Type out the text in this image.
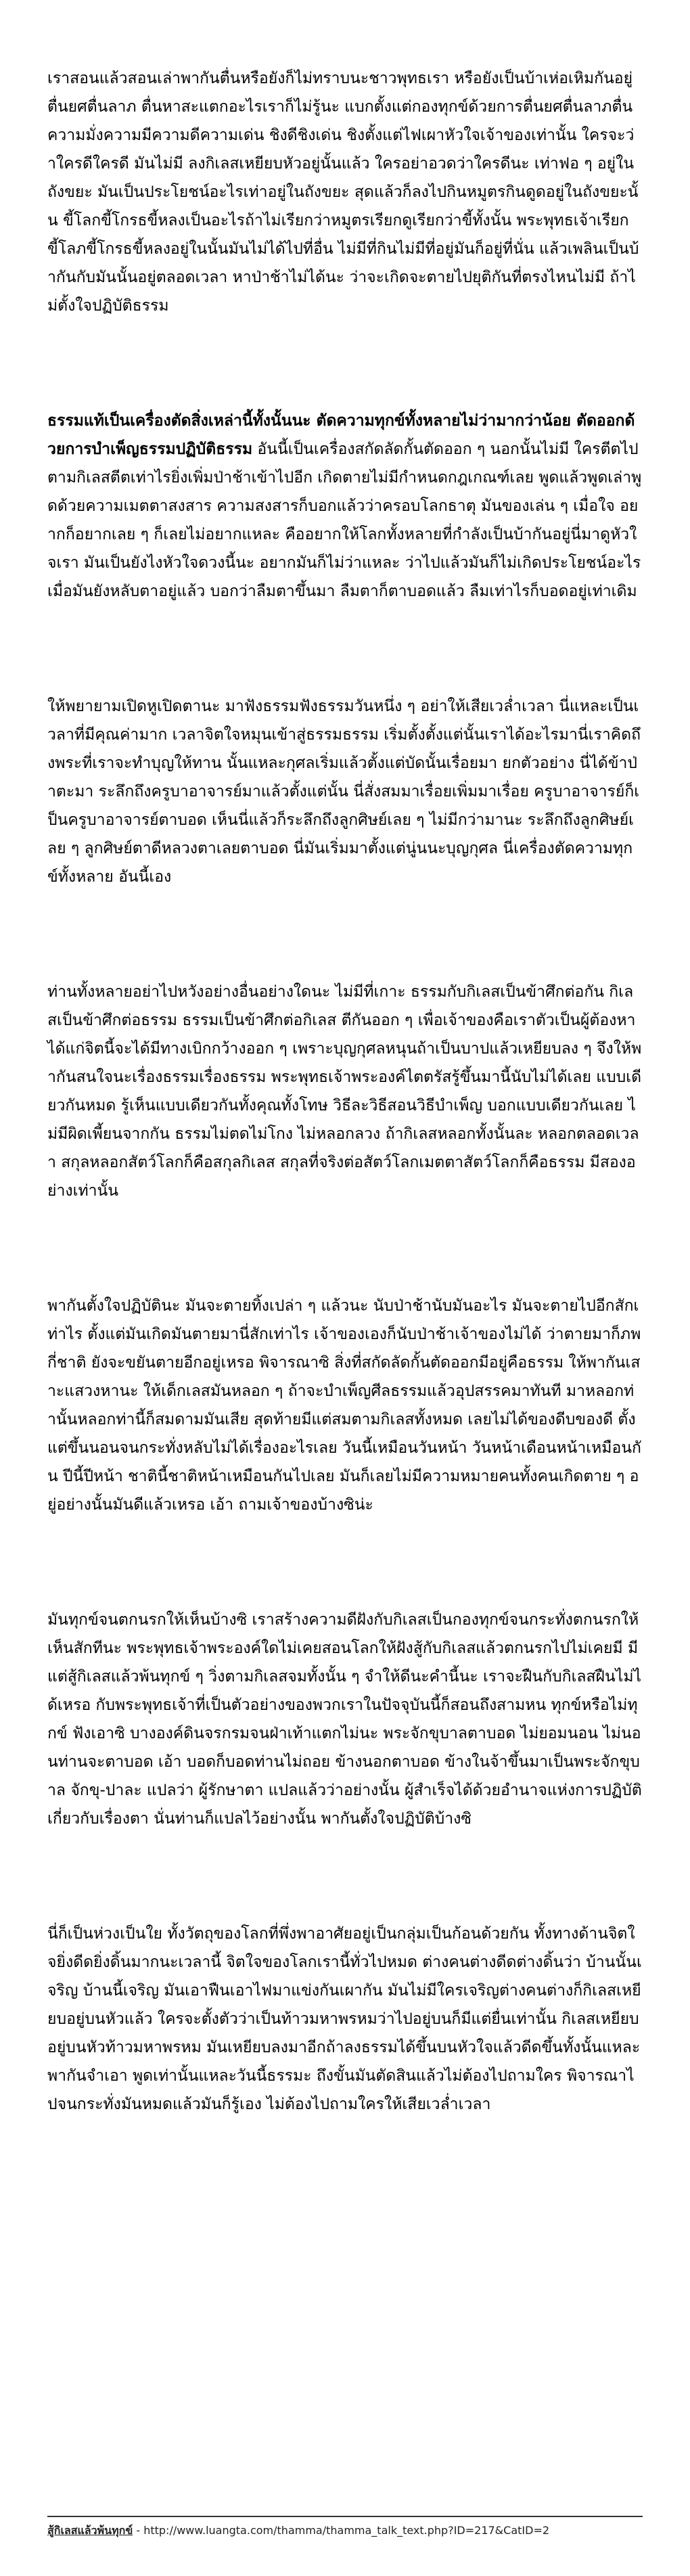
เราสอนแล้วสอนเล่าพากันตื่นหรือยังก็ไม่ทราบนะชาวพุทธเรา หรือยังเป็นบ้าเห่อเหิมกันอยู่ ตื่นยศตื่นลาภ ตื่นหาสะแตกอะไรเราก็ไม่รู้นะ แบกตั้งแต่กองทุกข์ด้วยการตื่นยศตื่นลาภตื่นความมั่งความมีความดีความเด่น ชิงดีชิงเด่น ชิงตั้งแต่ไฟเผาหัวใจเจ้าของเท่านั้น ใครจะว่าใครดีใครดี มันไม่มี ลงกิเลสเหยียบหัวอยู่นั้นแล้ว ใครอย่าอวดว่าใครดีนะ เท่าฟอ ๆ อยู่ในถังขยะ มันเป็นประโยชน์อะไรเท่าอยู่ในถังขยะ สุดแล้วก็ลงไปกินหมูตรกินดูดอยู่ในถังขยะนั้น ขี้โลกขี้โกรธขี้หลงเป็นอะไรถ้าไม่เรียกว่าหมูตรเรียกดูเรียกว่าขี้ทั้งนั้น พระพุทธเจ้าเรียก ขี้โลภขี้โกรธขี้หลงอยู่ในนั้นมันไม่ได้ไปที่อื่น ไม่มีที่กินไม่มีที่อยู่มันก็อยู่ที่นั่น แล้วเพลินเป็นบ้ากันกับมันนั้นอยู่ตลอดเวลา หาป่าช้าไม่ได้นะ ว่าจะเกิดจะตายไปยุติกันที่ตรงไหนไม่มี ถ้าไม่ตั้งใจปฏิบัติธรรม

ธรรมแท้เป็นเครื่องตัดสิ่งเหล่านี้ทั้งนั้นนะ ตัดความทุกข์ทั้งหลายไม่ว่ามากว่าน้อย ตัดออกด้วยการบำเพ็ญธรรมปฏิบัติธรรม อันนี้เป็นเครื่องสกัดลัดกั้นตัดออก ๆ นอกนั้นไม่มี ใครตีตไปตามกิเลสตีตเท่าไรยิ่งเพิ่มป่าช้าเข้าไปอีก เกิดตายไม่มีกำหนดกฎเกณฑ์เลย พูดแล้วพูดเล่าพูดด้วยความเมตตาสงสาร ความสงสารก็บอกแล้วว่าครอบโลกธาตุ มันของเล่น ๆ เมื่อใจ อยากก็อยากเลย ๆ ก็เลยไม่อยากแหละ คืออยากให้โลกทั้งหลายที่กำลังเป็นบ้ากันอยู่นี่มาดูหัวใจเรา มันเป็นยังไงหัวใจดวงนี้นะ อยากมันก็ไม่ว่าแหละ ว่าไปแล้วมันก็ไม่เกิดประโยชน์อะไร เมื่อมันยังหลับตาอยู่แล้ว บอกว่าลืมตาขึ้นมา ลืมตาก็ตาบอดแล้ว ลืมเท่าไรก็บอดอยู่เท่าเดิม

ให้พยายามเปิดหูเปิดตานะ มาฟังธรรมฟังธรรมวันหนึ่ง ๆ อย่าให้เสียเวล่ำเวลา นี่แหละเป็นเวลาที่มีคุณค่ามาก เวลาจิตใจหมุนเข้าสู่ธรรมธรรม เริ่มตั้งตั้งแต่นั้นเราได้อะไรมานี่เราคิดถึงพระที่เราจะทำบุญให้ทาน นั้นแหละกุศลเริ่มแล้วตั้งแต่บัดนั้นเรื่อยมา ยกตัวอย่าง นี่ได้ข้าป่าตะมา ระลึกถึงครูบาอาจารย์มาแล้วตั้งแต่นั้น นี่สั่งสมมาเรื่อยเพิ่มมาเรื่อย ครูบาอาจารย์ก็เป็นครูบาอาจารย์ตาบอด เห็นนี่แล้วก็ระลึกถึงลูกศิษย์เลย ๆ ไม่มีกว่ามานะ ระลึกถึงลูกศิษย์เลย ๆ ลูกศิษย์ตาดีหลวงตาเลยตาบอด นี่มันเริ่มมาตั้งแต่นู่นนะบุญกุศล นี่เครื่องตัดความทุกข์ทั้งหลาย อันนี้เอง

ท่านทั้งหลายอย่าไปหวังอย่างอื่นอย่างใดนะ ไม่มีที่เกาะ ธรรมกับกิเลสเป็นข้าศึกต่อกัน กิเลสเป็นข้าศึกต่อธรรม ธรรมเป็นข้าศึกต่อกิเลส ตีกันออก ๆ เพื่อเจ้าของคือเราตัวเป็นผู้ต้องหา ได้แก่จิตนี้จะได้มีทางเบิกกว้างออก ๆ เพราะบุญกุศลหนุนถ้าเป็นบาปแล้วเหยียบลง ๆ จึงให้พากันสนใจนะเรื่องธรรมเรื่องธรรม พระพุทธเจ้าพระองค์ไตตรัสรู้ขึ้นมานี้นับไม่ได้เลย แบบเดียวกันหมด รู้เห็นแบบเดียวกันทั้งคุณทั้งโทษ วิธีละวิธีสอนวิธีบำเพ็ญ บอกแบบเดียวกันเลย ไม่มีผิดเพี้ยนจากกัน ธรรมไม่ตดไม่โกง ไม่หลอกลวง ถ้ากิเลสหลอกทั้งนั้นละ หลอกตลอดเวลา สกุลหลอกสัตว์โลกก็คือสกุลกิเลส สกุลที่จริงต่อสัตว์โลกเมตตาสัตว์โลกก็คือธรรม มีสองอย่างเท่านั้น

พากันตั้งใจปฏิบัตินะ มันจะตายทิ้งเปล่า ๆ แล้วนะ นับป่าช้านับมันอะไร มันจะตายไปอีกสักเท่าไร ตั้งแต่มันเกิดมันตายมานี่สักเท่าไร เจ้าของเองก็นับป่าช้าเจ้าของไม่ได้ ว่าตายมาก็ภพกี่ชาติ ยังจะขยันตายอีกอยู่เหรอ พิจารณาซิ สิ่งที่สกัดลัดกั้นตัดออกมีอยู่คือธรรม ให้พากันเสาะแสวงหานะ ให้เด็กเลสมันหลอก ๆ ถ้าจะบำเพ็ญศีลธรรมแล้วอุปสรรคมาทันที มาหลอกท่านั้นหลอกท่านี้ก็สมดามมันเสีย สุดท้ายมีแต่สมตามกิเลสทั้งหมด เลยไม่ได้ของดีบของดี ตั้งแต่ขึ้นนอนจนกระทั่งหลับไม่ได้เรื่องอะไรเลย วันนี้เหมือนวันหน้า วันหน้าเดือนหน้าเหมือนกัน ปีนี้ปีหน้า ชาตินี้ชาติหน้าเหมือนกันไปเลย มันก็เลยไม่มีความหมายคนทั้งคนเกิดตาย ๆ อยู่อย่างนั้นมันดีแล้วเหรอ เอ้า ถามเจ้าของบ้างซิน่ะ

มันทุกข์จนตกนรกให้เห็นบ้างซิ เราสร้างความดีฝังกับกิเลสเป็นกองทุกข์จนกระทั่งตกนรกให้เห็นสักทีนะ พระพุทธเจ้าพระองค์ใดไม่เคยสอนโลกให้ฝังสู้กับกิเลสแล้วตกนรกไปไม่เคยมี มีแต่สู้กิเลสแล้วพ้นทุกข์ ๆ วิ่งตามกิเลสจมทั้งนั้น ๆ จำให้ดีนะคำนี้นะ เราจะฝืนกับกิเลสฝืนไม่ได้เหรอ กับพระพุทธเจ้าที่เป็นตัวอย่างของพวกเราในปัจจุบันนี้ก็สอนถึงสามหน ทุกข์หรือไม่ทุกข์ ฟังเอาซิ บางองค์ดินจรกรมจนฝ่าเท้าแตกไม่นะ พระจักขุบาลตาบอด ไม่ยอมนอน ไม่นอนท่านจะตาบอด เอ้า บอดก็บอดท่านไม่ถอย ข้างนอกตาบอด ข้างในจ้าขึ้นมาเป็นพระจักขุบาล จักขุ-ปาละ แปลว่า ผู้รักษาตา แปลแล้วว่าอย่างนั้น ผู้สำเร็จได้ด้วยอำนาจแห่งการปฏิบัติ เกี่ยวกับเรื่องตา นั่นท่านก็แปลไว้อย่างนั้น พากันตั้งใจปฏิบัติบ้างซิ

นี่ก็เป็นห่วงเป็นใย ทั้งวัตถุของโลกที่พึ่งพาอาศัยอยู่เป็นกลุ่มเป็นก้อนด้วยกัน ทั้งทางด้านจิตใจยิ่งดีดยิ่งดิ้นมากนะเวลานี้ จิตใจของโลกเรานี้ทั่วไปหมด ต่างคนต่างดีดต่างดิ้นว่า บ้านนั้นเจริญ บ้านนี้เจริญ มันเอาฟืนเอาไฟมาแข่งกันเผากัน มันไม่มีใครเจริญต่างคนต่างก็กิเลสเหยียบอยู่บนหัวแล้ว ใครจะตั้งตัวว่าเป็นท้าวมหาพรหมว่าไปอยู่บนก็มีแต่ยื่นเท่านั้น กิเลสเหยียบอยู่บนหัวท้าวมหาพรหม มันเหยียบลงมาอีกถ้าลงธรรมได้ขึ้นบนหัวใจแล้วดีดขึ้นทั้งนั้นแหละ พากันจำเอา พูดเท่านั้นแหละวันนี้ธรรมะ ถึงขั้นมันตัดสินแล้วไม่ต้องไปถามใคร พิจารณาไปจนกระทั่งมันหมดแล้วมันก็รู้เอง ไม่ต้องไปถามใครให้เสียเวล่ำเวลา

สู้กิเลสแล้วพ้นทุกข์ - http://www.luangta.com/thamma/thamma_talk_text.php?ID=217&CatID=2
